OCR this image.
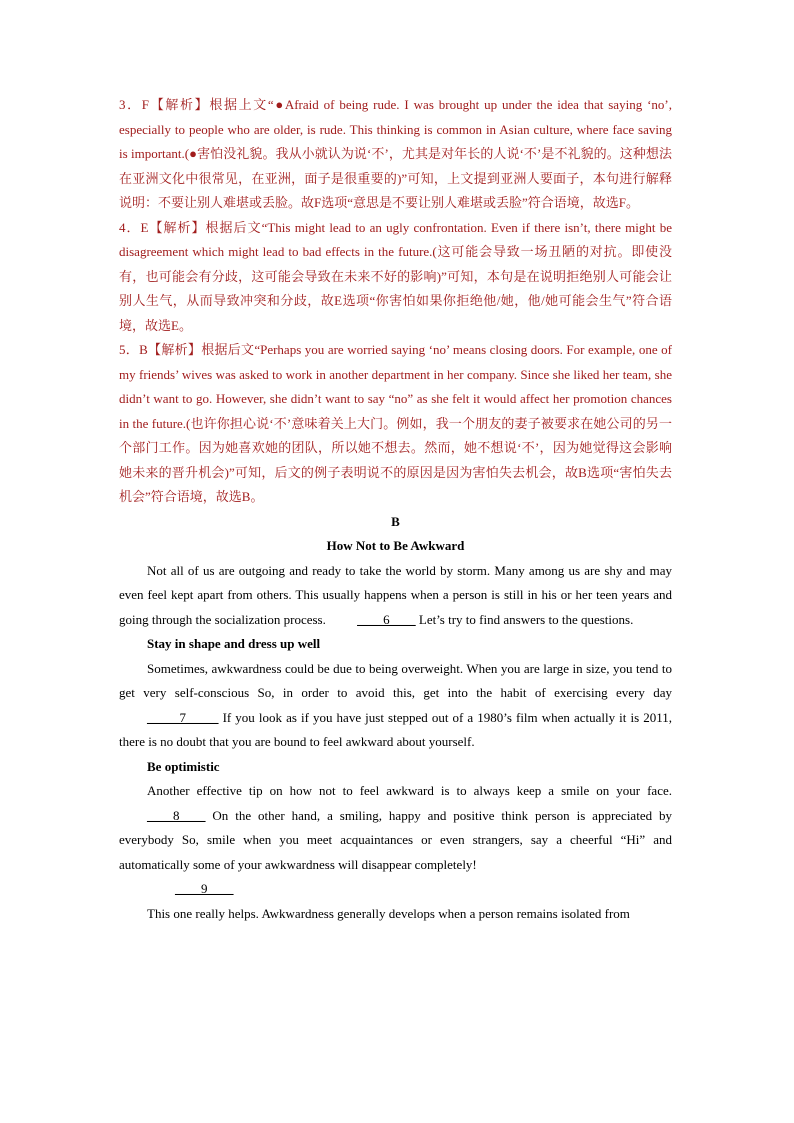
3．F【解析】根据上文“●Afraid of being rude. I was brought up under the idea that saying ‘no’, especially to people who are older, is rude. This thinking is common in Asian culture, where face saving is important.(●害怕没礼貌。我从小就认为说‘不’，尤其是对年长的人说‘不’是不礼貌的。这种想法在亚洲文化中很常见，在亚洲，面子是很重要的)”可知，上文提到亚洲人要面子，本句进行解释说明：不要让别人难堪或丢脸。故F选项“意思是不要让别人难堪或丢脸”符合语境，故选F。

4．E【解析】根据后文“This might lead to an ugly confrontation. Even if there isn’t, there might be disagreement which might lead to bad effects in the future.(这可能会导致一场丑陋的对抗。即使没有，也可能会有分歧，这可能会导致在未来不好的影响)”可知，本句是在说明拒绝别人可能会让别人生气，从而导致冲突和分歧，故E选项“你害怕如果你拒绝他/她，他/她可能会生气”符合语境，故选E。

5．B【解析】根据后文“Perhaps you are worried saying ‘no’ means closing doors. For example, one of my friends’ wives was asked to work in another department in her company. Since she liked her team, she didn’t want to go. However, she didn’t want to say “no” as she felt it would affect her promotion chances in the future.(也许你担心说‘不’意味着关上大门。例如，我一个朋友的妻子被要求在她公司的另一个部门工作。因为她喜欢她的团队，所以她不想去。然而，她不想说‘不’，因为她觉得这会影响她未来的晋升机会)”可知，后文的例子表明说不的原因是因为害怕失去机会，故B选项“害怕失去机会”符合语境，故选B。

B

How Not to Be Awkward

Not all of us are outgoing and ready to take the world by storm. Many among us are shy and may even feel kept apart from others. This usually happens when a person is still in his or her teen years and going through the socialization process. ____6____ Let’s try to find answers to the questions.

Stay in shape and dress up well

Sometimes, awkwardness could be due to being overweight. When you are large in size, you tend to get very self-conscious So, in order to avoid this, get into the habit of exercising every day _____7_____ If you look as if you have just stepped out of a 1980’s film when actually it is 2011, there is no doubt that you are bound to feel awkward about yourself.

Be optimistic

Another effective tip on how not to feel awkward is to always keep a smile on your face. ____8____ On the other hand, a smiling, happy and positive think person is appreciated by everybody So, smile when you meet acquaintances or even strangers, say a cheerful “Hi” and automatically some of your awkwardness will disappear completely!

____9____

This one really helps. Awkwardness generally develops when a person remains isolated from
